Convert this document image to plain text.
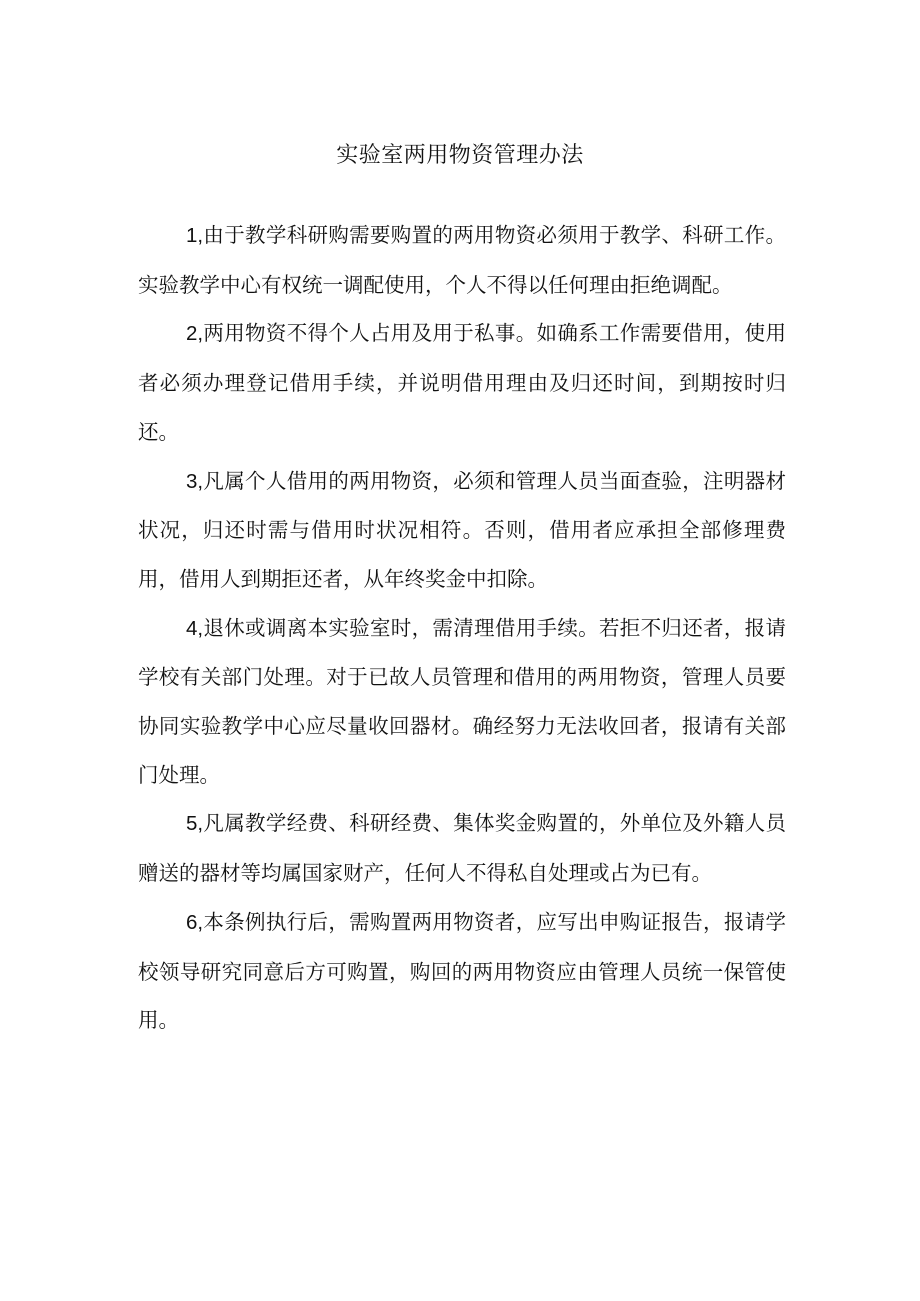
实验室两用物资管理办法

1,由于教学科研购需要购置的两用物资必须用于教学、科研工作。实验教学中心有权统一调配使用，个人不得以任何理由拒绝调配。

2,两用物资不得个人占用及用于私事。如确系工作需要借用，使用者必须办理登记借用手续，并说明借用理由及归还时间，到期按时归还。

3,凡属个人借用的两用物资，必须和管理人员当面查验，注明器材状况，归还时需与借用时状况相符。否则，借用者应承担全部修理费用，借用人到期拒还者，从年终奖金中扣除。

4,退休或调离本实验室时，需清理借用手续。若拒不归还者，报请学校有关部门处理。对于已故人员管理和借用的两用物资，管理人员要协同实验教学中心应尽量收回器材。确经努力无法收回者，报请有关部门处理。

5,凡属教学经费、科研经费、集体奖金购置的，外单位及外籍人员赠送的器材等均属国家财产，任何人不得私自处理或占为已有。

6,本条例执行后，需购置两用物资者，应写出申购证报告，报请学校领导研究同意后方可购置，购回的两用物资应由管理人员统一保管使用。
